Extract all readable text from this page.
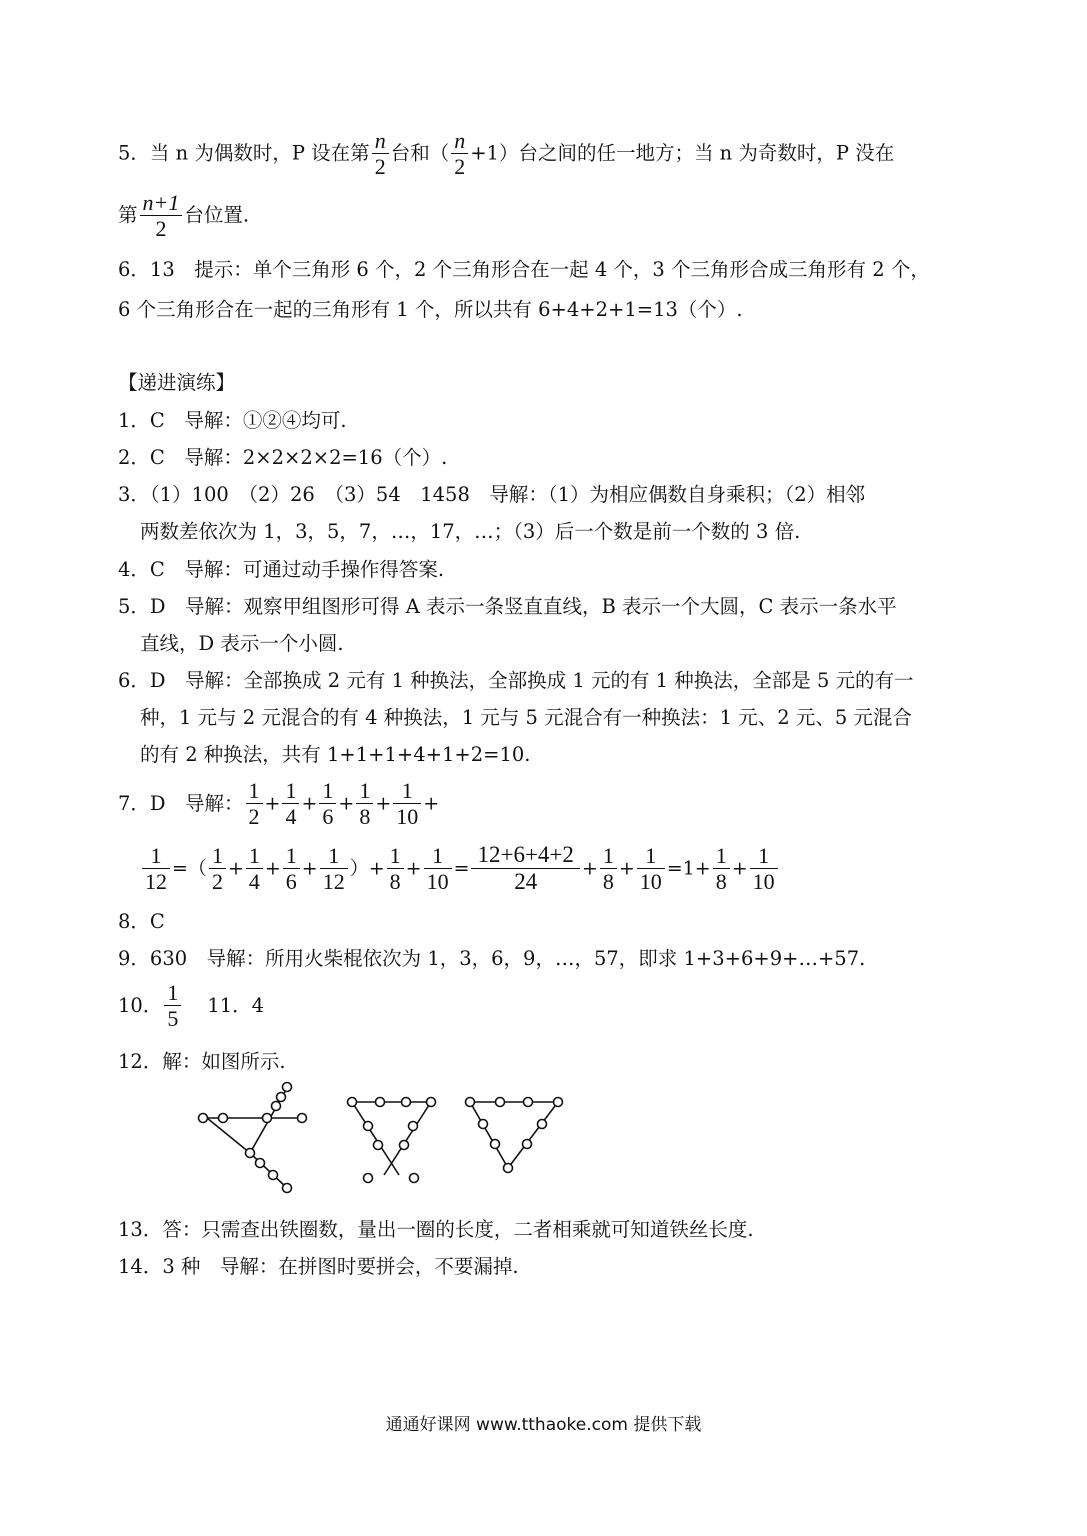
5．当 n 为偶数时，P 设在第 $\frac{n}{2}$ 台和（ $\frac{n}{2} +1$）台之间的任一地方；当 n 为奇数时，P 没在
第 $\frac{n+1}{2}$ 台位置.
6．13　提示：单个三角形 6 个，2 个三角形合在一起 4 个，3 个三角形合成三角形有 2 个，
6 个三角形合在一起的三角形有 1 个，所以共有 6+4+2+1=13（个）.
【递进演练】
1．C　导解：①②④均可.
2．C　导解：2×2×2×2=16（个）.
3．（1）100　（2）26　（3）54　1458　导解：（1）为相应偶数自身乘积；（2）相邻
两数差依次为 1，3，5，7，…，17，…；（3）后一个数是前一个数的 3 倍.
4．C　导解：可通过动手操作得答案.
5．D　导解：观察甲组图形可得 A 表示一条竖直直线，B 表示一个大圆，C 表示一条水平
直线，D 表示一个小圆.
6．D　导解：全部换成 2 元有 1 种换法，全部换成 1 元的有 1 种换法，全部是 5 元的有一
种，1 元与 2 元混合的有 4 种换法，1 元与 5 元混合有一种换法：1 元、2 元、5 元混合
的有 2 种换法，共有 1+1+1+4+1+2=10.
7．D　导解： $\frac{1}{2} + \frac{1}{4} + \frac{1}{6} + \frac{1}{8} + \frac{1}{10}$ +
$\frac{1}{12}$ =（ $\frac{1}{2} + \frac{1}{4} + \frac{1}{6} + \frac{1}{12}$ ）+ $\frac{1}{8} + \frac{1}{10} = \frac{12+6+4+2}{24} + \frac{1}{8} + \frac{1}{10} =1+ \frac{1}{8} + \frac{1}{10}$
8．C
9．630　导解：所用火柴棍依次为 1，3，6，9，…，57，即求 1+3+6+9+…+57.
10． $\frac{1}{5} 11$．4
12．解：如图所示.
13．答：只需查出铁圈数，量出一圈的长度，二者相乘就可知道铁丝长度.
14．3 种　导解：在拼图时要拼会，不要漏掉.
通通好课网 www.tthaoke.com 提供下载
